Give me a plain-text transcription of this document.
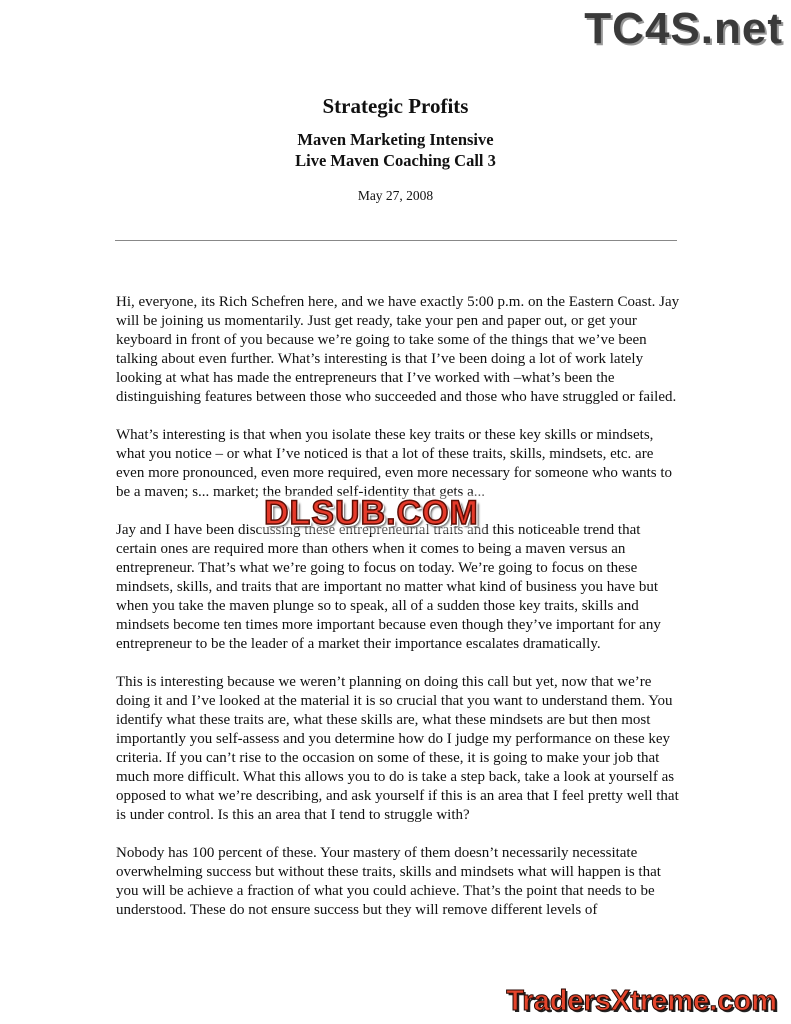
TC4S.net
Strategic Profits
Maven Marketing Intensive
Live Maven Coaching Call 3
May 27, 2008

Hi, everyone, its Rich Schefren here, and we have exactly 5:00 p.m. on the Eastern Coast. Jay will be joining us momentarily. Just get ready, take your pen and paper out, or get your keyboard in front of you because we’re going to take some of the things that we’ve been talking about even further. What’s interesting is that I’ve been doing a lot of work lately looking at what has made the entrepreneurs that I’ve worked with –what’s been the distinguishing features between those who succeeded and those who have struggled or failed.

What’s interesting is that when you isolate these key traits or these key skills or mindsets, what you notice – or what I’ve noticed is that a lot of these traits, skills, mindsets, etc. are even more pronounced, even more required, even more necessary for someone who wants to be a maven; s... market; the branded self-identity that gets a...

Jay and I have been discussing these entrepreneurial traits and this noticeable trend that certain ones are required more than others when it comes to being a maven versus an entrepreneur. That’s what we’re going to focus on today. We’re going to focus on these mindsets, skills, and traits that are important no matter what kind of business you have but when you take the maven plunge so to speak, all of a sudden those key traits, skills and mindsets become ten times more important because even though they’ve important for any entrepreneur to be the leader of a market their importance escalates dramatically.

This is interesting because we weren’t planning on doing this call but yet, now that we’re doing it and I’ve looked at the material it is so crucial that you want to understand them. You identify what these traits are, what these skills are, what these mindsets are but then most importantly you self-assess and you determine how do I judge my performance on these key criteria. If you can’t rise to the occasion on some of these, it is going to make your job that much more difficult. What this allows you to do is take a step back, take a look at yourself as opposed to what we’re describing, and ask yourself if this is an area that I feel pretty well that is under control. Is this an area that I tend to struggle with?

Nobody has 100 percent of these. Your mastery of them doesn’t necessarily necessitate overwhelming success but without these traits, skills and mindsets what will happen is that you will be achieve a fraction of what you could achieve. That’s the point that needs to be understood. These do not ensure success but they will remove different levels of

DLSUB.COM
TradersXtreme.com
